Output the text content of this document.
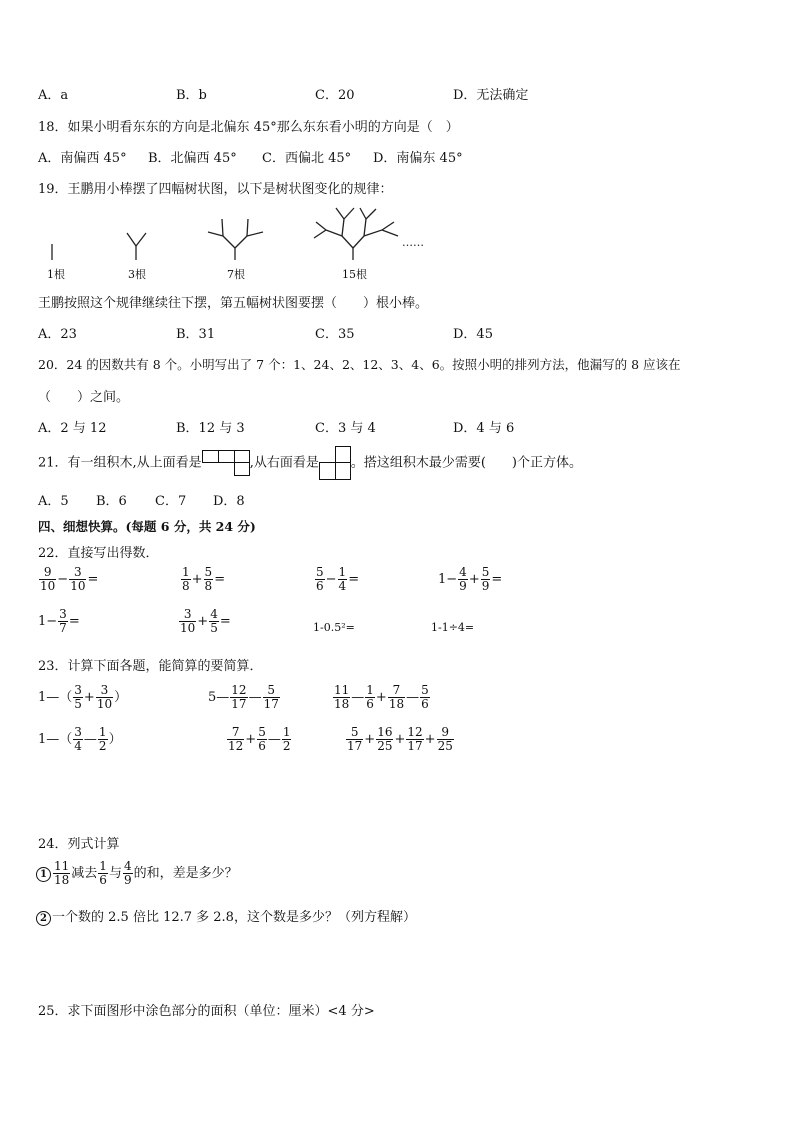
A．a	B．b	C．20	D．无法确定
18．如果小明看东东的方向是北偏东 45°那么东东看小明的方向是（　）
A．南偏西 45° B．北偏西 45° C．西偏北 45° D．南偏东 45°
19．王鹏用小棒摆了四幅树状图，以下是树状图变化的规律：
1根	3根	7根	15根
……
王鹏按照这个规律继续往下摆，第五幅树状图要摆（　　）根小棒。
A．23	B．31	C．35	D．45
20．24 的因数共有 8 个。小明写出了 7 个：1、24、2、12、3、4、6。按照小明的排列方法，他漏写的 8 应该在
（　　）之间。
A．2 与 12	B．12 与 3	C．3 与 4	D．4 与 6
21．有一组积木,从上面看是	,从右面看是 。搭这组积木最少需要(　　)个正方体。
A．5 B．6 C．7 D．8
四、细想快算。(每题 6 分，共 24 分)
22．直接写出得数．
$\frac{9}{10} - \frac{3}{10}$ =	$\frac{1}{8} + \frac{5}{8}$ =	$\frac{5}{6} - \frac{1}{4}$ =	$1- \frac{4}{9} + \frac{5}{9}$ =
$1- \frac{3}{7}$ =	$\frac{3}{10} + \frac{4}{5}$ =	1-0.5²=	1-1÷4=
23．计算下面各题，能简算的要简算．
1—（ $\frac{3}{5} + \frac{3}{10}$ ）	5— $\frac{12}{17}$ — $\frac{5}{17}$	$\frac{11}{18}$ — $\frac{1}{6} + \frac{7}{18}$ — $\frac{5}{6}$
1—（ $\frac{3}{4}$ — $\frac{1}{2}$ ）	$\frac{7}{12} + \frac{5}{6}$ — $\frac{1}{2}$	$\frac{5}{17} + \frac{16}{25} + \frac{12}{17} + \frac{9}{25}$
24．列式计算
$1 \frac{11}{18}$ 减去 $\frac{1}{6}$ 与 $\frac{4}{9}$ 的和，差是多少？
2 一个数的 2.5 倍比 12.7 多 2.8，这个数是多少？（列方程解）
25．求下面图形中涂色部分的面积（单位：厘米）<4 分>
